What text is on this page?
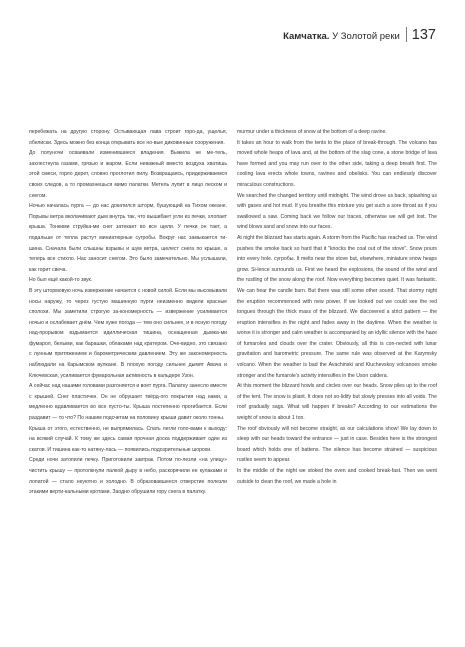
Камчатка. У Золотой реки 137

перебежать на другую сторону. Остывающая лава строит горо-да, ущелья, обелиски. Здесь можно без конца открывать все но-вые диковинные сооружения.

До полуночи осваивали изменившиеся владения. Выжила не ме-тель, захлестнула газами, грязью и жаром. Если неважный вместо воздуха хватишь этой смеси, горло дерет, словно проглотил пилу. Возвращаясь, придерживаемся своих следов, а то промахнешься мимо палатки. Метель лупит в лицо песком и снегом.

Ночью началась пурга — до нас докатился шторм, бушующий на Тихом океане. Порывы ветра вколачивают дым внутрь так, что вышибает угли из печки, хлопает крыша. Тонкими струйка-ми снег затекает во все щели. У печки он тает, а подальше от тепла растут миниатюрные сугробы. Вокруг нас замыкается ти-шина. Сначала были слышны взрывы и шум ветра, шелест снега по крыше, а теперь все стихло. Нас заносит снегом. Это было замечательно. Мы услышали, как горит свеча.

Но был ещё какой-то звук.

В эту штормовую ночь извержение начается с новой силой. Если мы высовывали носы наружу, то через густую машинную пурги неизменно видели красные сполохи. Мы заметили строгую за-кономерность — извержение усиливается ночью и ослабевает днём. Чем хуже погода — тем оно сильнее, и в ясную погоду над-прорывом вздымается идиллическая тишина, оснащенная дымка-ми фумарол, белыми, как барашки, облаками над кратером. Оче-видно, это связано с лунным притяжением и барометрическим давлением. Эту же закономерность наблюдали на Карымском вулкане. В плохую погоду сильнее дымят Авача и Ключевская, усиливается фумарольная активность в кальдере Узон.

А сейчас над нашими головами разгоняется и воет пурга. Палатку занесло вместе с крышей. Снег пластичен. Он не обрушает твёрд-ого покрытия над нами, а медленно вдавливается во все пусто-ты. Крыша постепенно прогибается. Если раздавит — то что? По нашим подсчетам на половину крыши давит около тонны.

Крыша от этого, естественно, не выпрямилась. Спать легли голо-вами к выходу: на всякий случай. К тому же здесь самая прочная доска поддерживает один из скатов. И тишина как-то натяну-лась — появились подозрительные шорохи.

Среди ночи затопили печку. Приготовили завтрак. Потом по-лезли «на улицу» чистить крышу — протолкнули палкой дыру в небо, раскорячили ее кулаками и лопатой — стало неуютно и холодно. В образовавшееся отверстие полезли этакими верти-кальными кротами. Заодно обрушили гору снега в палатку.

murmur under a thickness of snow at the bottom of a deep ravine.

It takes an hour to walk from the tents to the place of break-through. The volcano has moved whole heaps of lava and, at the bottom of the slag cone, a stone bridge of lava have formed and you may run over to the other side, taking a deep breath first. The cooling lava erects whole towns, ravines and obelisks. You can endlessly discover miraculous constructions.

We searched the changed territory until midnight. The wind drove us back, splashing us with gases and hot mud. If you breathe this mixture you get such a sore throat as if you swallowed a saw. Coming back we follow our traces, otherwise we will get lost. The wind blows sand and snow into our faces.

At night the blizzard has starts again. A storm from the Pacific has reached us. The wind pushes the smoke back so hard that it "knocks the coal out of the stove". Snow pours into every hole. сугробы. It melts near the stove but, elsewhere, miniature snow heaps grow. Si-lence surrounds us. First we heard the explosions, the sound of the wind and the rustling of the snow along the roof. Now everything becomes quiet. It was fantastic. We can hear the candle burn. But there was still some other sound. That stormy night the eruption recommenced with new power. If we looked out we could see the red tongues through the thick mass of the blizzard. We discovered a strict pattern — the eruption intensifies in the night and fades away in the daytime. When the weather is worse it is stronger and calm weather is accompanied by an idyllic silence with the haze of fumaroles and clouds over the crater. Obviously, all this is con-nected with lunar gravitation and barometric pressure. The same rule was observed at the Karymsky volcano. When the weather is bad the Avachinski and Kluchevskoy volcanoes smoke stronger and the fumarole's activity intensifies in the Uson caldera.

At this moment the blizzard howls and circles over our heads. Snow piles up to the roof of the tent. The snow is pliant. It does not so-lidify but slowly presses into all voids. The roof gradually sags. What will happen if breaks? According to our estimations the weight of snow is about 1 ton.

The roof obviously will not become straight, as our calculations show! We lay down to sleep with our heads toward the entrance — just in case. Besides here is the strongest board which holds one of battens. The silence has become strained — suspicious rustles seem to appear.

In the middle of the night we stoked the oven and cooked break-fast. Then we went outside to clean the roof, we made a hole in
